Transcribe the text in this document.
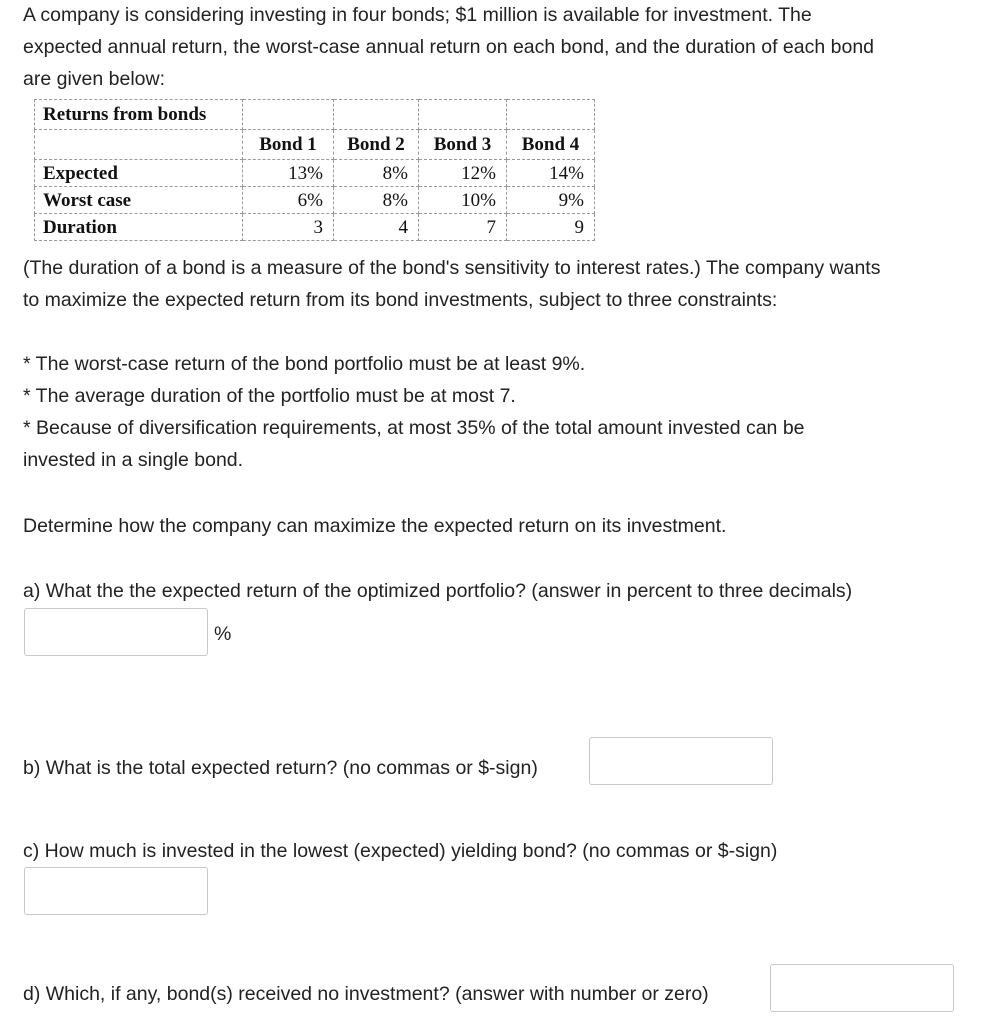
A company is considering investing in four bonds; $1 million is available for investment. The
expected annual return, the worst-case annual return on each bond, and the duration of each bond
are given below:
Returns from bonds				
	Bond 1	Bond 2	Bond 3	Bond 4
Expected	13%	8%	12%	14%
Worst case	6%	8%	10%	9%
Duration	3	4	7	9
(The duration of a bond is a measure of the bond's sensitivity to interest rates.) The company wants
to maximize the expected return from its bond investments, subject to three constraints:
* The worst-case return of the bond portfolio must be at least 9%.
* The average duration of the portfolio must be at most 7.
* Because of diversification requirements, at most 35% of the total amount invested can be
invested in a single bond.
Determine how the company can maximize the expected return on its investment.
a) What the the expected return of the optimized portfolio? (answer in percent to three decimals)
%
b) What is the total expected return? (no commas or $-sign)
c) How much is invested in the lowest (expected) yielding bond? (no commas or $-sign)
d) Which, if any, bond(s) received no investment? (answer with number or zero)
